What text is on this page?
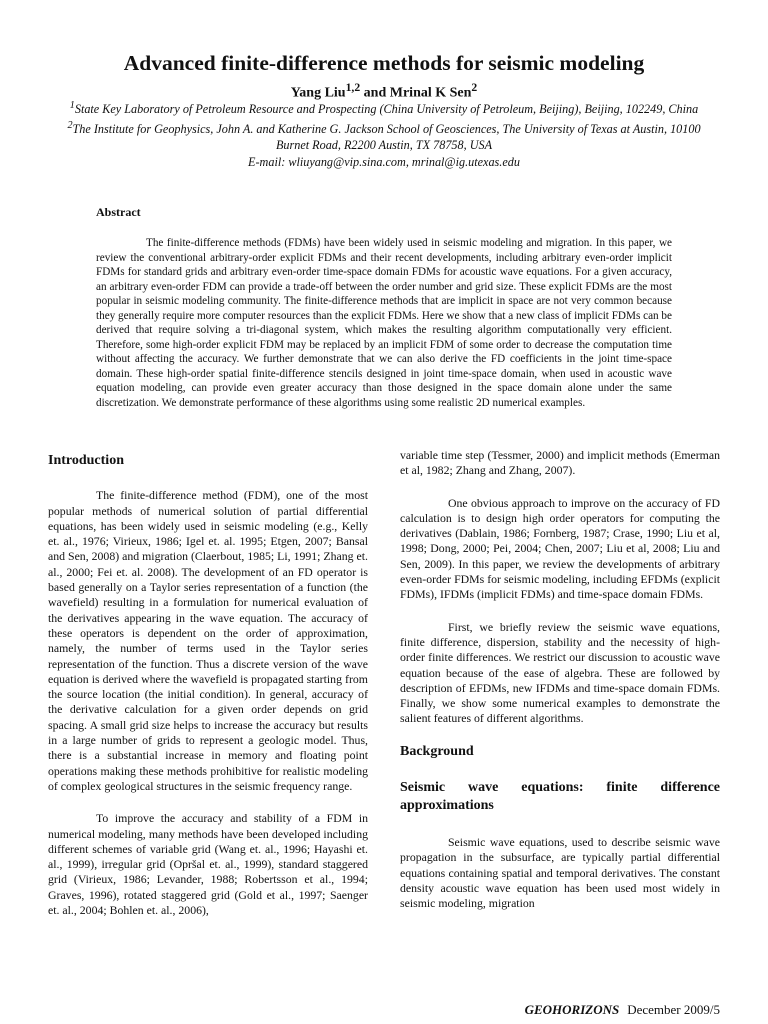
Advanced finite-difference methods for seismic modeling
Yang Liu$^{1,2}$ and Mrinal K Sen$^2$
$^1$State Key Laboratory of Petroleum Resource and Prospecting (China University of Petroleum, Beijing), Beijing, 102249, China
$^2$The Institute for Geophysics, John A. and Katherine G. Jackson School of Geosciences, The University of Texas at Austin, 10100
Burnet Road, R2200 Austin, TX 78758, USA
E-mail: wliuyang@vip.sina.com, mrinal@ig.utexas.edu
Abstract
The finite-difference methods (FDMs) have been widely used in seismic modeling and migration. In this paper, we review the conventional arbitrary-order explicit FDMs and their recent developments, including arbitrary even-order implicit FDMs for standard grids and arbitrary even-order time-space domain FDMs for acoustic wave equations. For a given accuracy, an arbitrary even-order FDM can provide a trade-off between the order number and grid size. These explicit FDMs are the most popular in seismic modeling community. The finite-difference methods that are implicit in space are not very common because they generally require more computer resources than the explicit FDMs. Here we show that a new class of implicit FDMs can be derived that require solving a tri-diagonal system, which makes the resulting algorithm computationally very efficient. Therefore, some high-order explicit FDM may be replaced by an implicit FDM of some order to decrease the computation time without affecting the accuracy. We further demonstrate that we can also derive the FD coefficients in the joint time-space domain. These high-order spatial finite-difference stencils designed in joint time-space domain, when used in acoustic wave equation modeling, can provide even greater accuracy than those designed in the space domain alone under the same discretization. We demonstrate performance of these algorithms using some realistic 2D numerical examples.
Introduction

The finite-difference method (FDM), one of the most popular methods of numerical solution of partial differential equations, has been widely used in seismic modeling (e.g., Kelly et. al., 1976; Virieux, 1986; Igel et. al. 1995; Etgen, 2007; Bansal and Sen, 2008) and migration (Claerbout, 1985; Li, 1991; Zhang et. al., 2000; Fei et. al. 2008). The development of an FD operator is based generally on a Taylor series representation of a function (the wavefield) resulting in a formulation for numerical evaluation of the derivatives appearing in the wave equation. The accuracy of these operators is dependent on the order of approximation, namely, the number of terms used in the Taylor series representation of the function. Thus a discrete version of the wave equation is derived where the wavefield is propagated starting from the source location (the initial condition). In general, accuracy of the derivative calculation for a given order depends on grid spacing. A small grid size helps to increase the accuracy but results in a large number of grids to represent a geologic model. Thus, there is a substantial increase in memory and floating point operations making these methods prohibitive for realistic modeling of complex geological structures in the seismic frequency range.

To improve the accuracy and stability of a FDM in numerical modeling, many methods have been developed including different schemes of variable grid (Wang et. al., 1996; Hayashi et. al., 1999), irregular grid (Opršal et. al., 1999), standard staggered grid (Virieux, 1986; Levander, 1988; Robertsson et al., 1994; Graves, 1996), rotated staggered grid (Gold et al., 1997; Saenger et. al., 2004; Bohlen et. al., 2006),

variable time step (Tessmer, 2000) and implicit methods (Emerman et al, 1982; Zhang and Zhang, 2007).

One obvious approach to improve on the accuracy of FD calculation is to design high order operators for computing the derivatives (Dablain, 1986; Fornberg, 1987; Crase, 1990; Liu et al, 1998; Dong, 2000; Pei, 2004; Chen, 2007; Liu et al, 2008; Liu and Sen, 2009). In this paper, we review the developments of arbitrary even-order FDMs for seismic modeling, including EFDMs (explicit FDMs), IFDMs (implicit FDMs) and time-space domain FDMs.

First, we briefly review the seismic wave equations, finite difference, dispersion, stability and the necessity of high-order finite differences. We restrict our discussion to acoustic wave equation because of the ease of algebra. These are followed by description of EFDMs, new IFDMs and time-space domain FDMs. Finally, we show some numerical examples to demonstrate the salient features of different algorithms.

Background
Seismic wave equations: finite difference approximations

Seismic wave equations, used to describe seismic wave propagation in the subsurface, are typically partial differential equations containing spatial and temporal derivatives. The constant density acoustic wave equation has been used most widely in seismic modeling, migration

GEOHORIZONS December 2009/5
